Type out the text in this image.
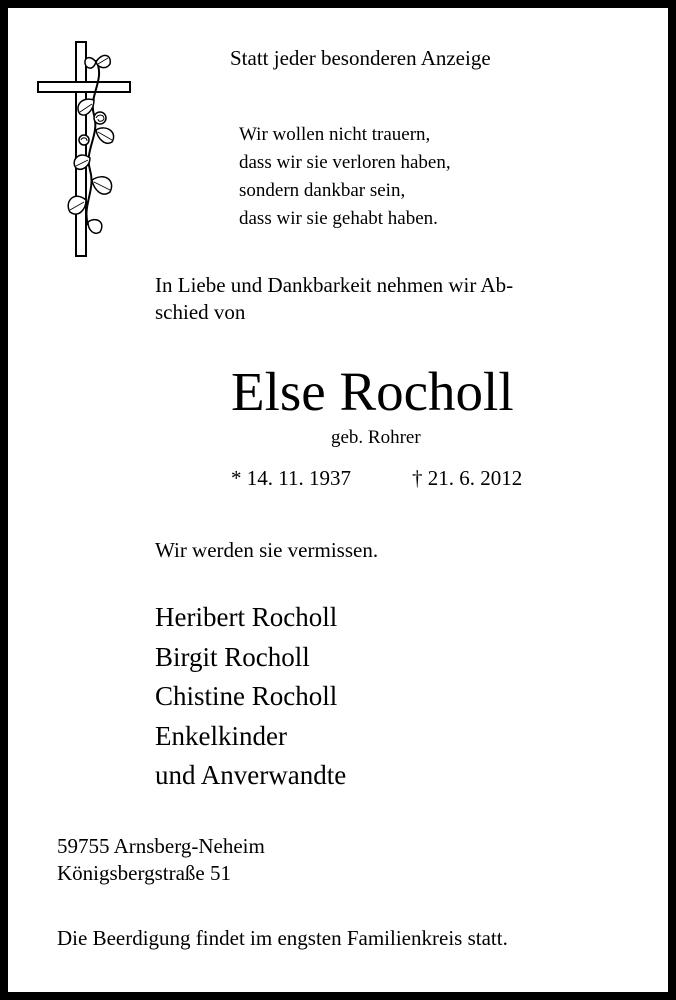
Statt jeder besonderen Anzeige
Wir wollen nicht trauern,
dass wir sie verloren haben,
sondern dankbar sein,
dass wir sie gehabt haben.
In Liebe und Dankbarkeit nehmen wir Ab-
schied von
Else Rocholl
geb. Rohrer
* 14. 11. 1937	† 21. 6. 2012
Wir werden sie vermissen.
Heribert Rocholl
Birgit Rocholl
Chistine Rocholl
Enkelkinder
und Anverwandte
59755 Arnsberg-Neheim
Königsbergstraße 51
Die Beerdigung findet im engsten Familienkreis statt.
